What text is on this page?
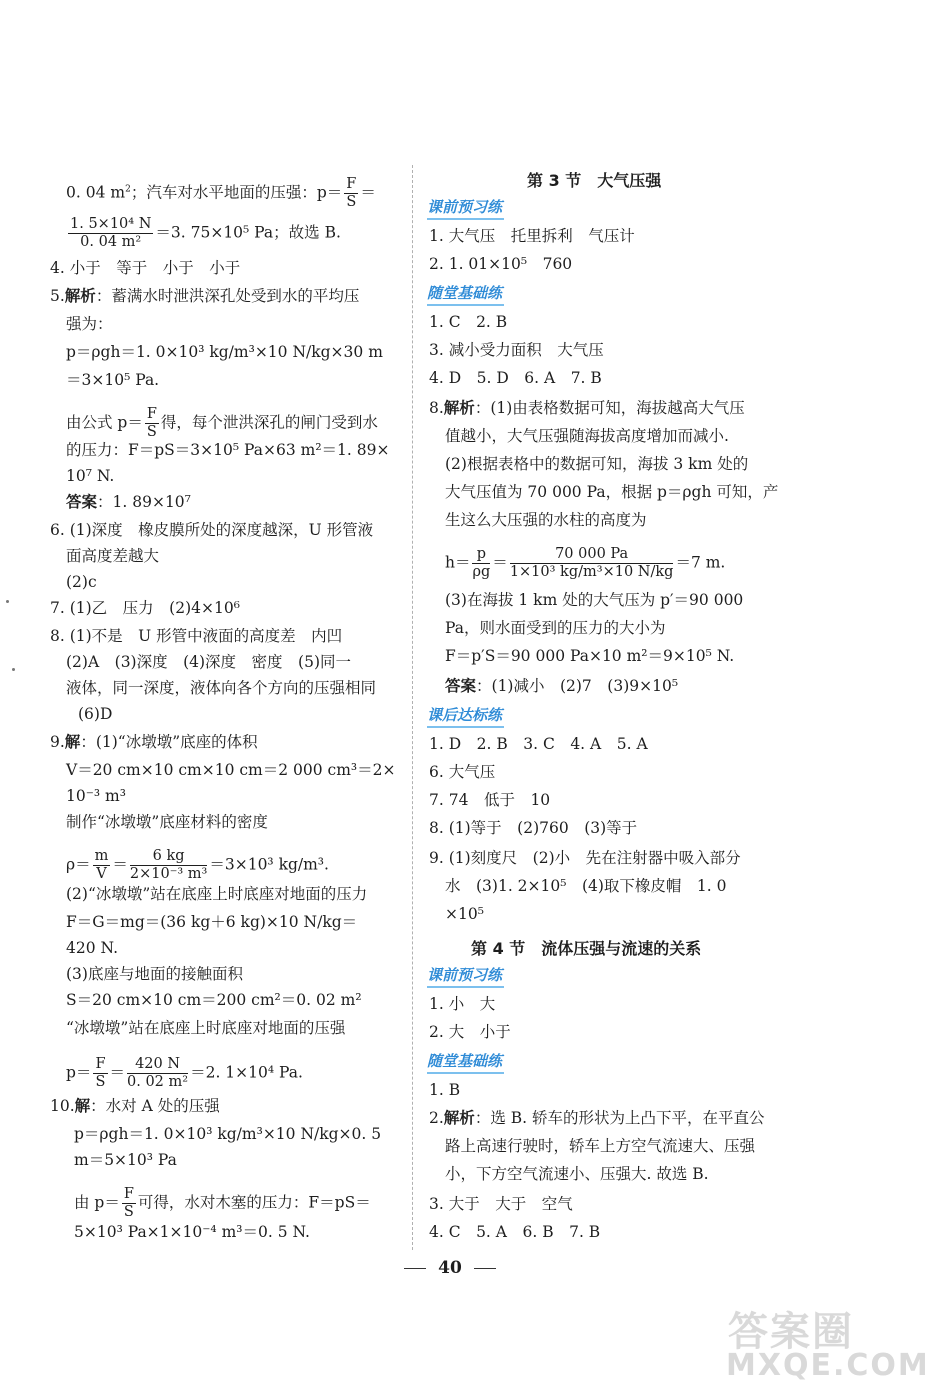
0. 04 $m^2$；汽车对水平地面的压强：$p= \frac{F}{S}$ ＝
$\frac{\text{1. 5×10⁴ N}}{\text{0. 04 m²}} =3$. 75×10⁵ Pa；故选 B.
4. 小于　等于　小于　小于
5.解析：蓄满水时泄洪深孔处受到水的平均压
强为：
p＝ρgh＝1. 0×10³ kg/m³×10 N/kg×30 m
＝3×10⁵ Pa.
由公式 $p= \frac{F}{S}$ 得，每个泄洪深孔的闸门受到水
的压力：F＝pS＝3×10⁵ Pa×63 m²＝1. 89×
10⁷ N.
答案：1. 89×10⁷
6. (1)深度　橡皮膜所处的深度越深，U 形管液
面高度差越大
(2)c
7. (1)乙　压力　(2)4×10⁶
8. (1)不是　U 形管中液面的高度差　内凹
(2)A　(3)深度　(4)深度　密度　(5)同一
液体，同一深度，液体向各个方向的压强相同
(6)D
9.解：(1)“冰墩墩”底座的体积
V＝20 cm×10 cm×10 cm＝2 000 cm³＝2×
10⁻³ m³
制作“冰墩墩”底座材料的密度
$\rho= \frac{m}{V} = \frac{6 kg}{\text{2×10⁻³ m³}} =3\times 10^3$ kg/m³.
(2)“冰墩墩”站在底座上时底座对地面的压力
F＝G＝mg＝(36 kg＋6 kg)×10 N/kg＝
420 N.
(3)底座与地面的接触面积
S＝20 cm×10 cm＝200 cm²＝0. 02 m²
“冰墩墩”站在底座上时底座对地面的压强
$p= \frac{F}{S} = \frac{420 N}{\text{0. 02 m²}} =2$. 1×10⁴ Pa.
10.解：水对 A 处的压强
p＝ρgh＝1. 0×10³ kg/m³×10 N/kg×0. 5
m＝5×10³ Pa
由 $p= \frac{F}{S}$ 可得，水对木塞的压力：F＝pS＝
5×10³ Pa×1×10⁻⁴ m³＝0. 5 N.
第 3 节　大气压强
课前预习练
1. 大气压　托里拆利　气压计
2. 1. 01×10⁵　760
随堂基础练
1. C　2. B
3. 减小受力面积　大气压
4. D　5. D　6. A　7. B
8.解析：(1)由表格数据可知，海拔越高大气压
值越小，大气压强随海拔高度增加而减小.
(2)根据表格中的数据可知，海拔 3 km 处的
大气压值为 70 000 Pa，根据 p＝ρgh 可知，产
生这么大压强的水柱的高度为
$h= \frac{p}{\rho g} = \frac{70 000 Pa}{\text{1×10³ kg/m³×10 N/kg}} =7$ m.
(3)在海拔 1 km 处的大气压为 p′＝90 000
Pa，则水面受到的压力的大小为
F＝p′S＝90 000 Pa×10 m²＝9×10⁵ N.
答案：(1)减小　(2)7　(3)9×10⁵
课后达标练
1. D　2. B　3. C　4. A　5. A
6. 大气压
7. 74　低于　10
8. (1)等于　(2)760　(3)等于
9. (1)刻度尺　(2)小　先在注射器中吸入部分
水　(3)1. 2×10⁵　(4)取下橡皮帽　1. 0
×10⁵
第 4 节　流体压强与流速的关系
课前预习练
1. 小　大
2. 大　小于
随堂基础练
1. B
2.解析：选 B. 轿车的形状为上凸下平，在平直公
路上高速行驶时，轿车上方空气流速大、压强
小，下方空气流速小、压强大. 故选 B.
3. 大于　大于　空气
4. C　5. A　6. B　7. B
40
答案圈
MXQE.COM
